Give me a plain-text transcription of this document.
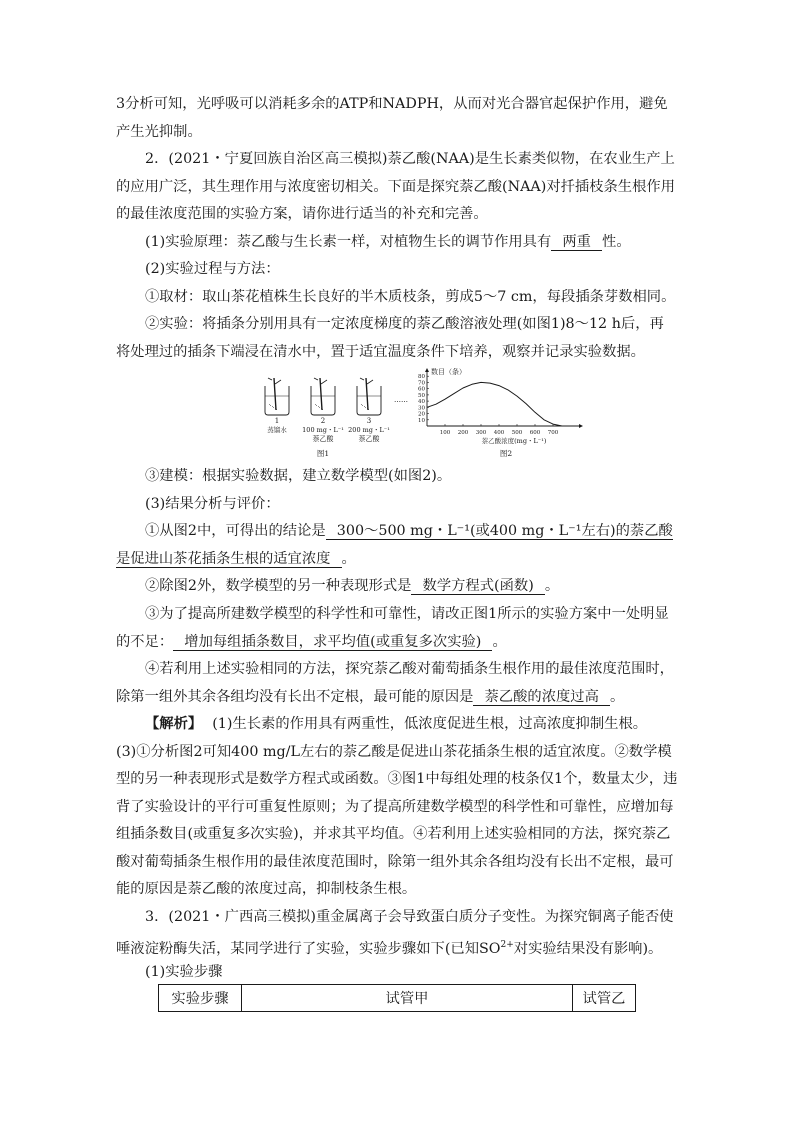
3分析可知，光呼吸可以消耗多余的ATP和NADPH，从而对光合器官起保护作用，避免产生光抑制。

2．(2021・宁夏回族自治区高三模拟)萘乙酸(NAA)是生长素类似物，在农业生产上的应用广泛，其生理作用与浓度密切相关。下面是探究萘乙酸(NAA)对扦插枝条生根作用的最佳浓度范围的实验方案，请你进行适当的补充和完善。

(1)实验原理：萘乙酸与生长素一样，对植物生长的调节作用具有 两重 性。

(2)实验过程与方法：

①取材：取山茶花植株生长良好的半木质枝条，剪成5～7 cm，每段插条芽数相同。

②实验：将插条分别用具有一定浓度梯度的萘乙酸溶液处理(如图1)8～12 h后，再将处理过的插条下端浸在清水中，置于适宜温度条件下培养，观察并记录实验数据。

1
蒸馏水
2
100 mg・L⁻¹
萘乙酸
3
200 mg・L⁻¹
萘乙酸
……
图1
数目（条）
10
20
30
40
50
60
70
80
100 200 300 400 500 600 700
萘乙酸浓度(mg・L⁻¹)
图2

③建模：根据实验数据，建立数学模型(如图2)。

(3)结果分析与评价：

①从图2中，可得出的结论是 300～500 mg・L⁻¹(或400 mg・L⁻¹左右)的萘乙酸是促进山茶花插条生根的适宜浓度 。

②除图2外，数学模型的另一种表现形式是 数学方程式(函数) 。

③为了提高所建数学模型的科学性和可靠性，请改正图1所示的实验方案中一处明显的不足： 增加每组插条数目，求平均值(或重复多次实验) 。

④若利用上述实验相同的方法，探究萘乙酸对葡萄插条生根作用的最佳浓度范围时，除第一组外其余各组均没有长出不定根，最可能的原因是 萘乙酸的浓度过高 。

【解析】 (1)生长素的作用具有两重性，低浓度促进生根，过高浓度抑制生根。(3)①分析图2可知400 mg/L左右的萘乙酸是促进山茶花插条生根的适宜浓度。②数学模型的另一种表现形式是数学方程式或函数。③图1中每组处理的枝条仅1个，数量太少，违背了实验设计的平行可重复性原则；为了提高所建数学模型的科学性和可靠性，应增加每组插条数目(或重复多次实验)，并求其平均值。④若利用上述实验相同的方法，探究萘乙酸对葡萄插条生根作用的最佳浓度范围时，除第一组外其余各组均没有长出不定根，最可能的原因是萘乙酸的浓度过高，抑制枝条生根。

3．(2021・广西高三模拟)重金属离子会导致蛋白质分子变性。为探究铜离子能否使唾液淀粉酶失活，某同学进行了实验，实验步骤如下(已知$SO^{2+}$对实验结果没有影响)。

(1)实验步骤

实验步骤	试管甲	试管乙
